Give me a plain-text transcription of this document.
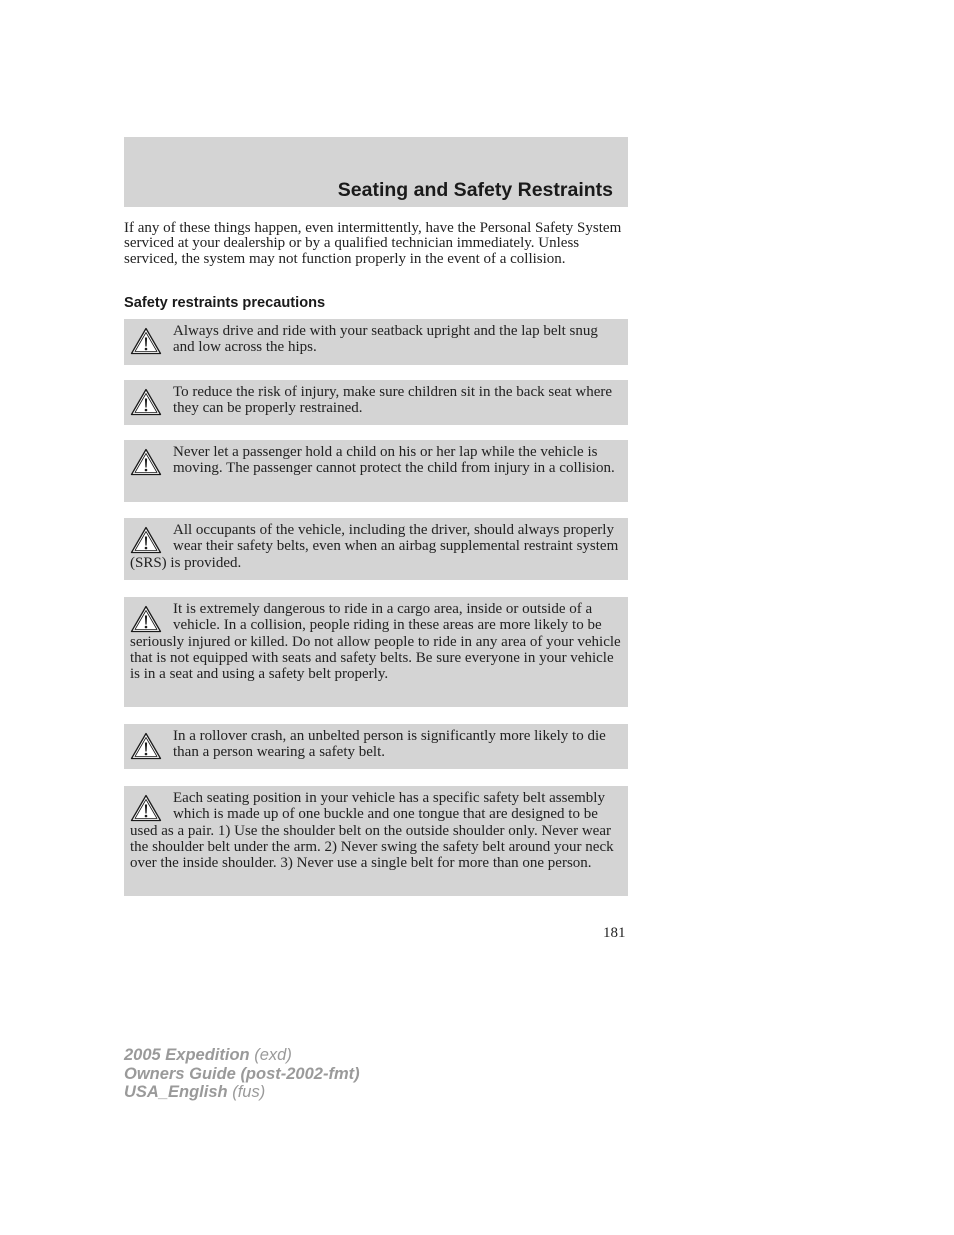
Seating and Safety Restraints
If any of these things happen, even intermittently, have the Personal Safety System serviced at your dealership or by a qualified technician immediately. Unless serviced, the system may not function properly in the event of a collision.
Safety restraints precautions
Always drive and ride with your seatback upright and the lap belt snug and low across the hips.
To reduce the risk of injury, make sure children sit in the back seat where they can be properly restrained.
Never let a passenger hold a child on his or her lap while the vehicle is moving. The passenger cannot protect the child from injury in a collision.
All occupants of the vehicle, including the driver, should always properly wear their safety belts, even when an airbag supplemental restraint system (SRS) is provided.
It is extremely dangerous to ride in a cargo area, inside or outside of a vehicle. In a collision, people riding in these areas are more likely to be seriously injured or killed. Do not allow people to ride in any area of your vehicle that is not equipped with seats and safety belts. Be sure everyone in your vehicle is in a seat and using a safety belt properly.
In a rollover crash, an unbelted person is significantly more likely to die than a person wearing a safety belt.
Each seating position in your vehicle has a specific safety belt assembly which is made up of one buckle and one tongue that are designed to be used as a pair. 1) Use the shoulder belt on the outside shoulder only. Never wear the shoulder belt under the arm. 2) Never swing the safety belt around your neck over the inside shoulder. 3) Never use a single belt for more than one person.
181
2005 Expedition (exd)
Owners Guide (post-2002-fmt)
USA_English (fus)
